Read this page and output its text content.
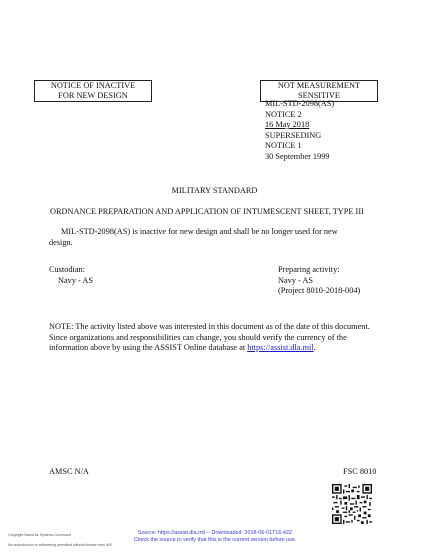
NOTICE OF INACTIVE
FOR NEW DESIGN
NOT MEASUREMENT
SENSITIVE
MIL-STD-2098(AS)
NOTICE 2
16 May 2018
SUPERSEDING
NOTICE 1
30 September 1999
MILITARY STANDARD
ORDNANCE PREPARATION AND APPLICATION OF INTUMESCENT SHEET, TYPE III
MIL-STD-2098(AS) is inactive for new design and shall be no longer used for new
design.
Custodian:
Navy - AS
Preparing activity:
Navy - AS
(Project 8010-2018-004)
NOTE: The activity listed above was interested in this document as of the date of this document.
Since organizations and responsibilities can change, you should verify the currency of the
information above by using the ASSIST Online database at https://assist.dla.mil.
AMSC N/A	FSC 8010
Copyright Naval Air Systems Command
No reproduction or networking permitted without license from IHS
Source: https://assist.dla.mil -- Downloaded: 2018-06-01T16:42Z
Check the source to verify that this is the current version before use.
